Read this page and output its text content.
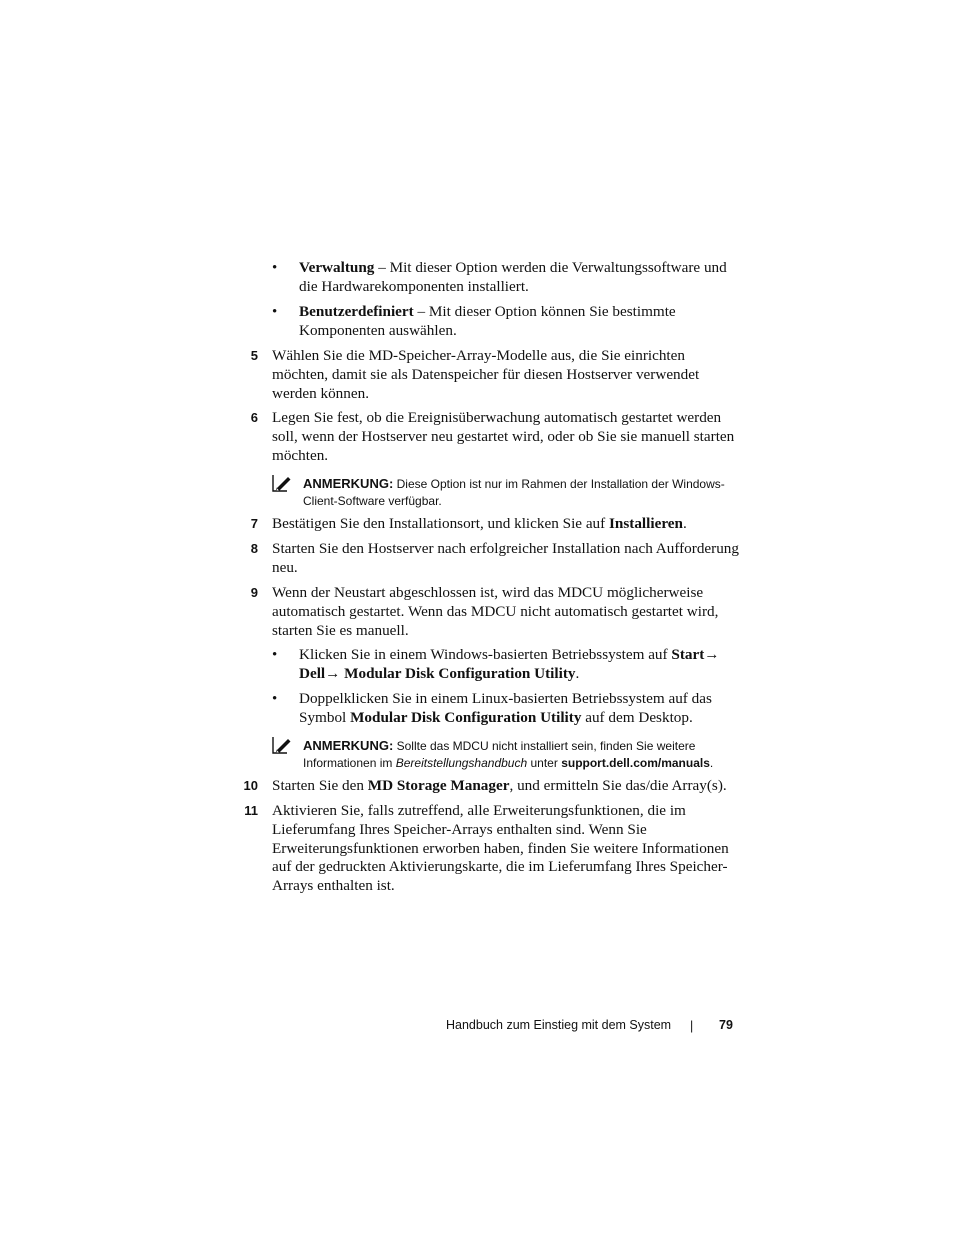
• Verwaltung – Mit dieser Option werden die Verwaltungssoftware und die Hardwarekomponenten installiert.
• Benutzerdefiniert – Mit dieser Option können Sie bestimmte Komponenten auswählen.
5 Wählen Sie die MD-Speicher-Array-Modelle aus, die Sie einrichten möchten, damit sie als Datenspeicher für diesen Hostserver verwendet werden können.
6 Legen Sie fest, ob die Ereignisüberwachung automatisch gestartet werden soll, wenn der Hostserver neu gestartet wird, oder ob Sie sie manuell starten möchten.
ANMERKUNG: Diese Option ist nur im Rahmen der Installation der Windows-Client-Software verfügbar.
7 Bestätigen Sie den Installationsort, und klicken Sie auf Installieren.
8 Starten Sie den Hostserver nach erfolgreicher Installation nach Aufforderung neu.
9 Wenn der Neustart abgeschlossen ist, wird das MDCU möglicherweise automatisch gestartet. Wenn das MDCU nicht automatisch gestartet wird, starten Sie es manuell.
• Klicken Sie in einem Windows-basierten Betriebssystem auf Start→ Dell→ Modular Disk Configuration Utility.
• Doppelklicken Sie in einem Linux-basierten Betriebssystem auf das Symbol Modular Disk Configuration Utility auf dem Desktop.
ANMERKUNG: Sollte das MDCU nicht installiert sein, finden Sie weitere Informationen im Bereitstellungshandbuch unter support.dell.com/manuals.
10 Starten Sie den MD Storage Manager, und ermitteln Sie das/die Array(s).
11 Aktivieren Sie, falls zutreffend, alle Erweiterungsfunktionen, die im Lieferumfang Ihres Speicher-Arrays enthalten sind. Wenn Sie Erweiterungsfunktionen erworben haben, finden Sie weitere Informationen auf der gedruckten Aktivierungskarte, die im Lieferumfang Ihres Speicher-Arrays enthalten ist.
Handbuch zum Einstieg mit dem System | 79
